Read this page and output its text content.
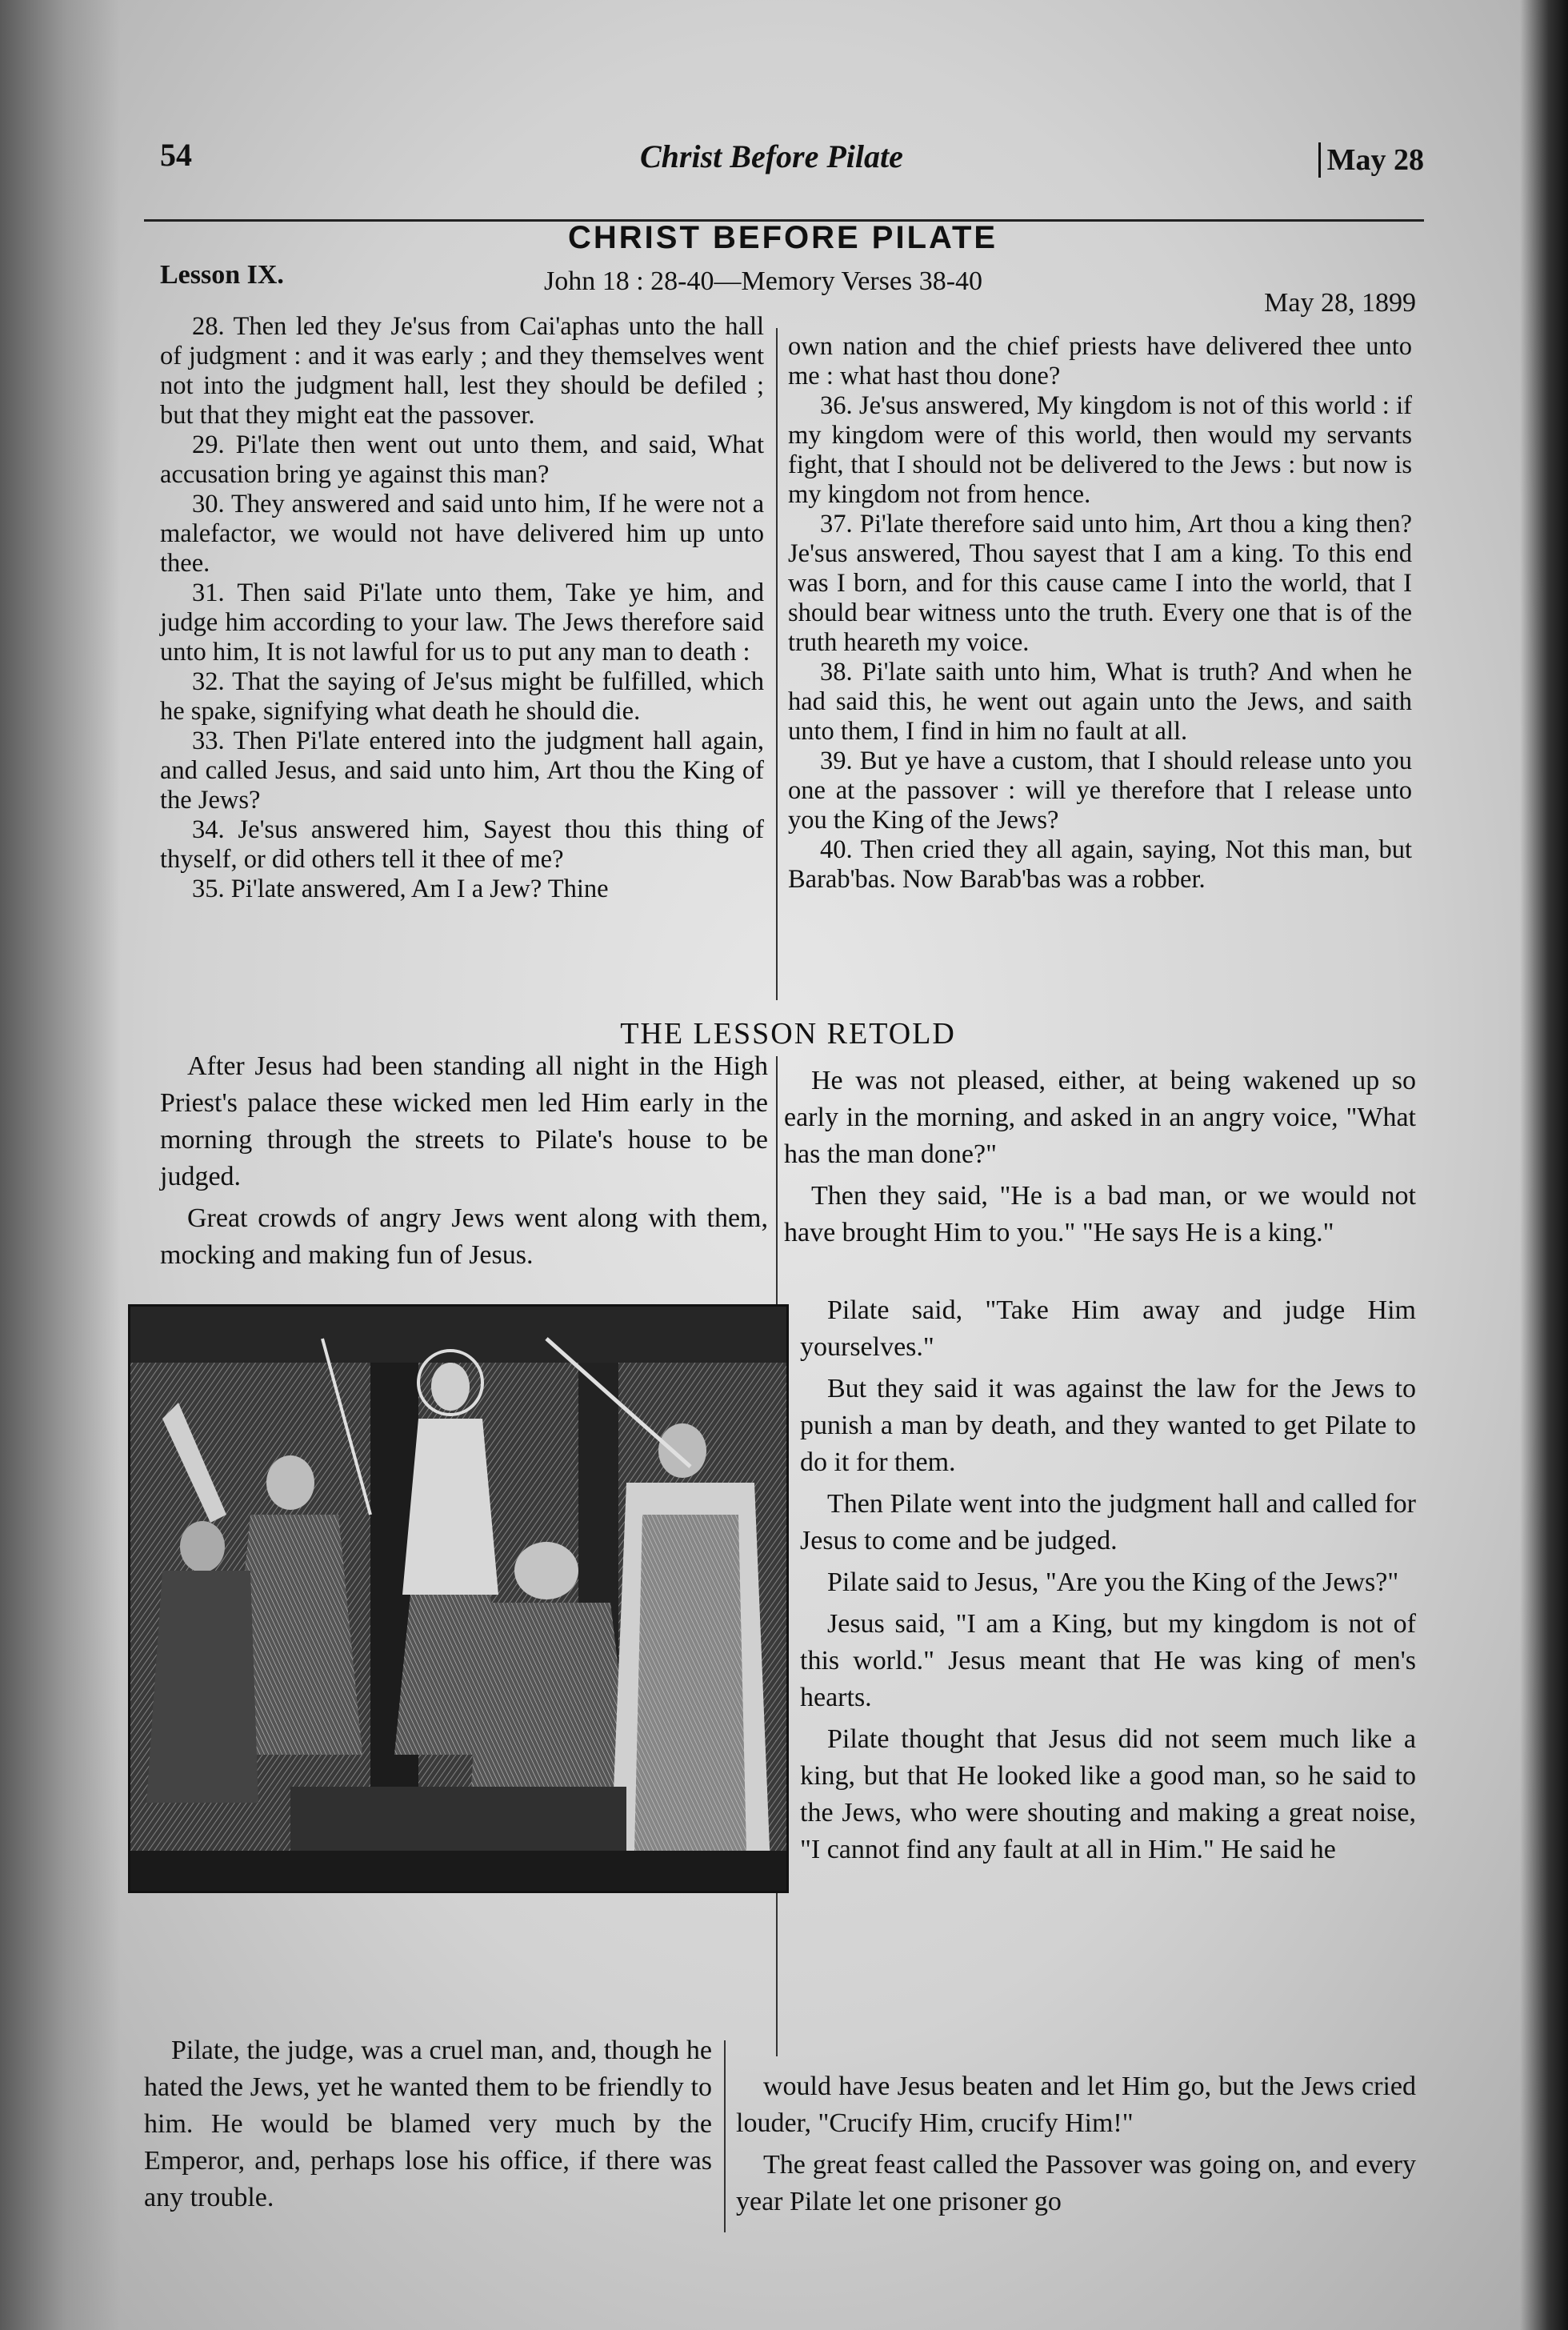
54	Christ Before Pilate	May 28
CHRIST BEFORE PILATE
Lesson IX.	John 18 : 28-40—Memory Verses 38-40
May 28, 1899

28. Then led they Je'sus from Cai'aphas unto the hall of judgment : and it was early ; and they themselves went not into the judgment hall, lest they should be defiled ; but that they might eat the passover.

29. Pi'late then went out unto them, and said, What accusation bring ye against this man?

30. They answered and said unto him, If he were not a malefactor, we would not have delivered him up unto thee.

31. Then said Pi'late unto them, Take ye him, and judge him according to your law. The Jews therefore said unto him, It is not lawful for us to put any man to death :

32. That the saying of Je'sus might be fulfilled, which he spake, signifying what death he should die.

33. Then Pi'late entered into the judgment hall again, and called Jesus, and said unto him, Art thou the King of the Jews?

34. Je'sus answered him, Sayest thou this thing of thyself, or did others tell it thee of me?

35. Pi'late answered, Am I a Jew? Thine

own nation and the chief priests have delivered thee unto me : what hast thou done?

36. Je'sus answered, My kingdom is not of this world : if my kingdom were of this world, then would my servants fight, that I should not be delivered to the Jews : but now is my kingdom not from hence.

37. Pi'late therefore said unto him, Art thou a king then? Je'sus answered, Thou sayest that I am a king. To this end was I born, and for this cause came I into the world, that I should bear witness unto the truth. Every one that is of the truth heareth my voice.

38. Pi'late saith unto him, What is truth? And when he had said this, he went out again unto the Jews, and saith unto them, I find in him no fault at all.

39. But ye have a custom, that I should release unto you one at the passover : will ye therefore that I release unto you the King of the Jews?

40. Then cried they all again, saying, Not this man, but Barab'bas. Now Barab'bas was a robber.

THE LESSON RETOLD

After Jesus had been standing all night in the High Priest's palace these wicked men led Him early in the morning through the streets to Pilate's house to be judged.

Great crowds of angry Jews went along with them, mocking and making fun of Jesus.

He was not pleased, either, at being wakened up so early in the morning, and asked in an angry voice, "What has the man done?"

Then they said, "He is a bad man, or we would not have brought Him to you." "He says He is a king."

Pilate said, "Take Him away and judge Him yourselves."

But they said it was against the law for the Jews to punish a man by death, and they wanted to get Pilate to do it for them.

Then Pilate went into the judgment hall and called for Jesus to come and be judged.

Pilate said to Jesus, "Are you the King of the Jews?"

Jesus said, "I am a King, but my kingdom is not of this world." Jesus meant that He was king of men's hearts.

Pilate thought that Jesus did not seem much like a king, but that He looked like a good man, so he said to the Jews, who were shouting and making a great noise, "I cannot find any fault at all in Him." He said he

Pilate, the judge, was a cruel man, and, though he hated the Jews, yet he wanted them to be friendly to him. He would be blamed very much by the Emperor, and, perhaps lose his office, if there was any trouble.

would have Jesus beaten and let Him go, but the Jews cried louder, "Crucify Him, crucify Him!"

The great feast called the Passover was going on, and every year Pilate let one prisoner go
